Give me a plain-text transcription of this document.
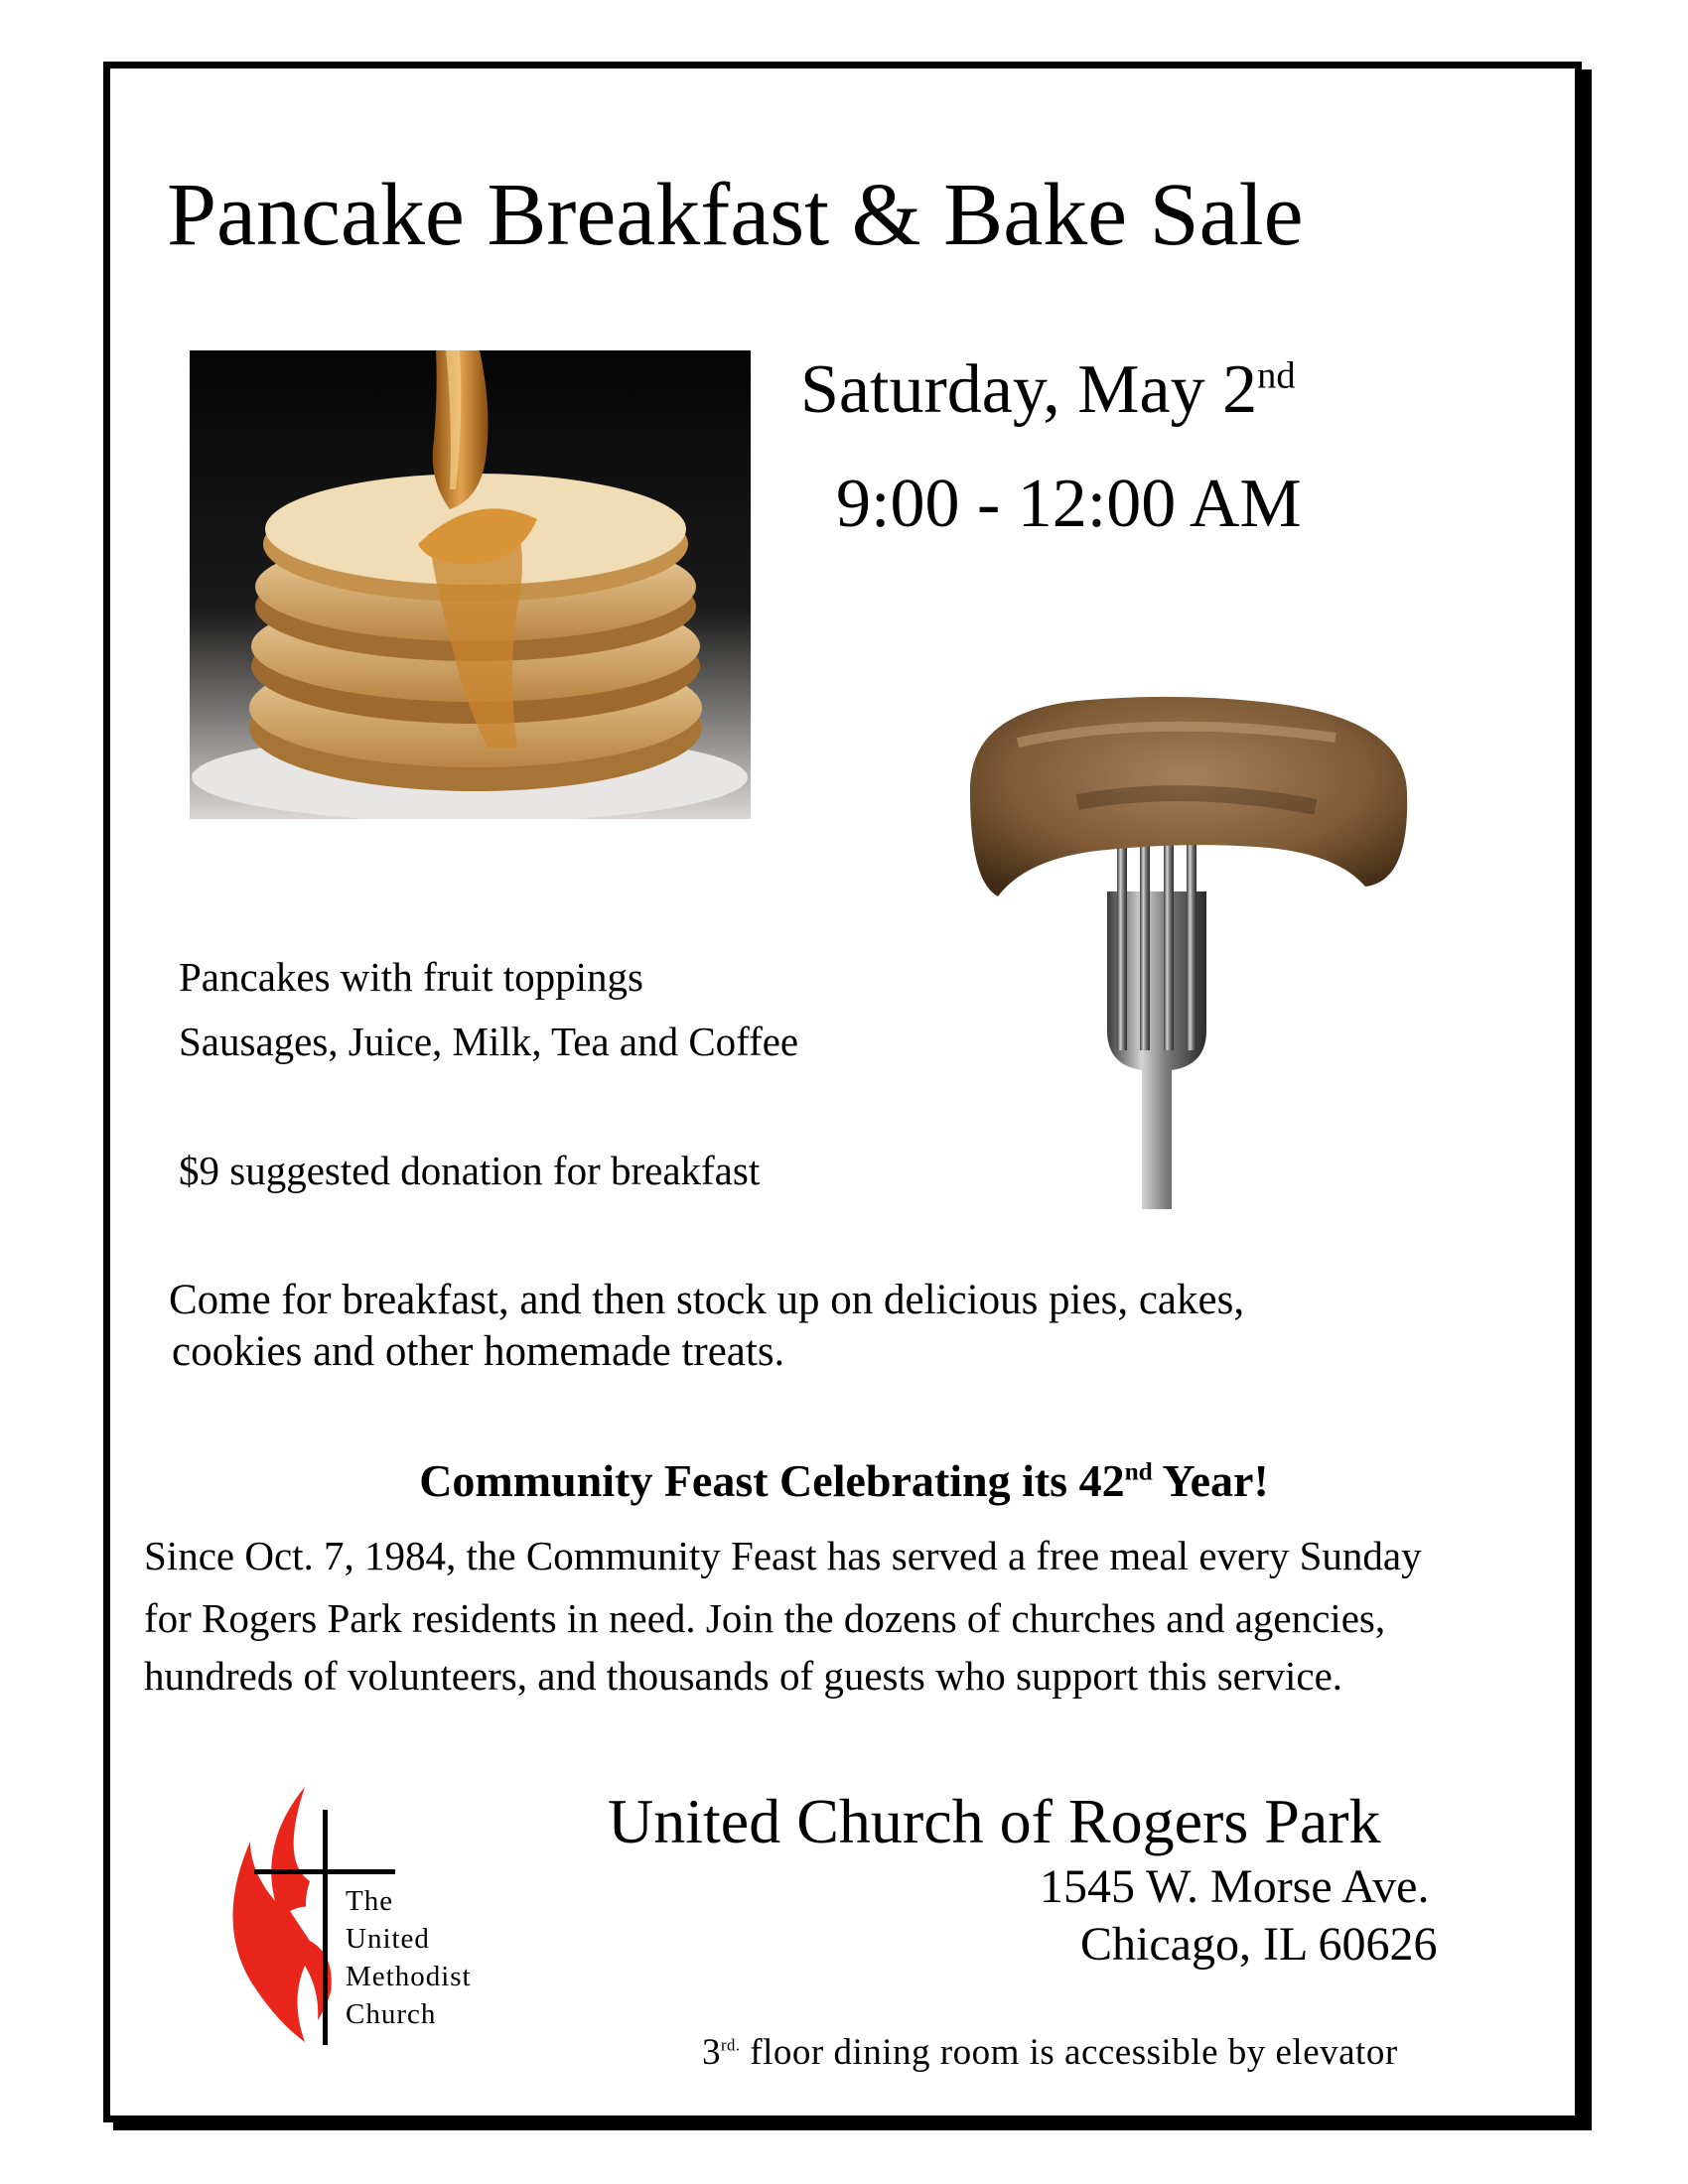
Pancake Breakfast & Bake Sale
Saturday, May 2nd
9:00 - 12:00 AM
Pancakes with fruit toppings
Sausages, Juice, Milk, Tea and Coffee
$9 suggested donation for breakfast
Come for breakfast, and then stock up on delicious pies, cakes,
cookies and other homemade treats.
Community Feast Celebrating its 42nd Year!
Since Oct. 7, 1984, the Community Feast has served a free meal every Sunday
for Rogers Park residents in need. Join the dozens of churches and agencies,
hundreds of volunteers, and thousands of guests who support this service.
The
United
Methodist
Church
United Church of Rogers Park
1545 W. Morse Ave.
Chicago, IL 60626
$3^{rd.}$ floor dining room is accessible by elevator
